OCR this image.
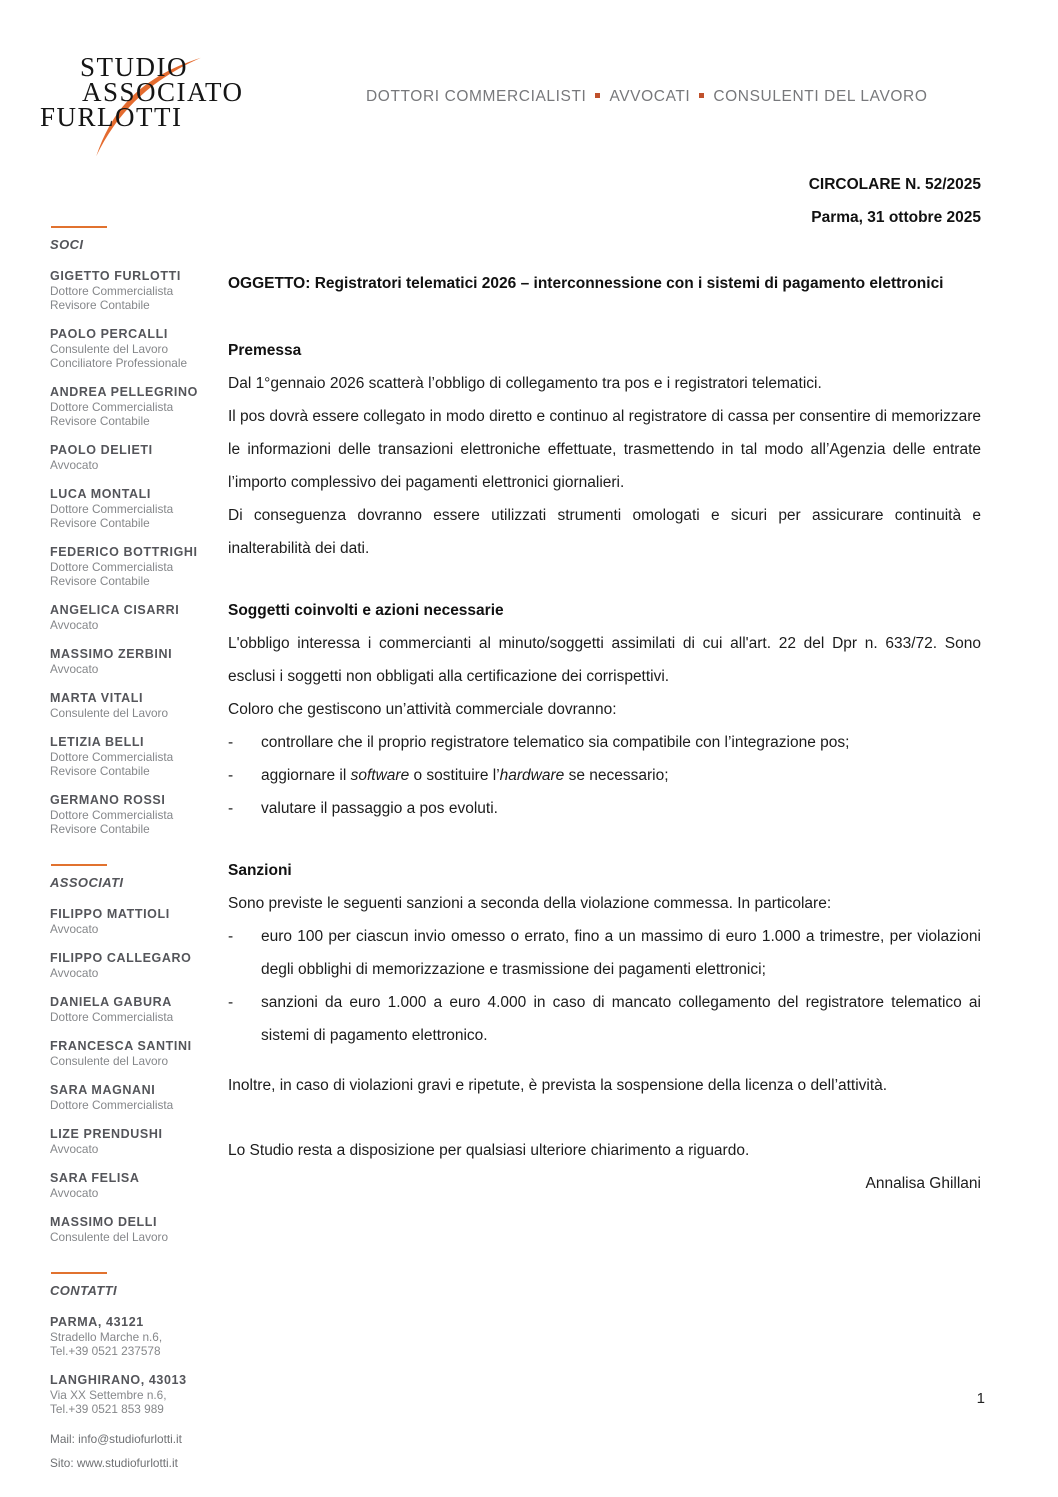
STUDIO
ASSOCIATO
FURLOTTI
DOTTORI COMMERCIALISTI AVVOCATI CONSULENTI DEL LAVORO
CIRCOLARE N. 52/2025
Parma, 31 ottobre 2025
SOCI
GIGETTO FURLOTTI
Dottore Commercialista
Revisore Contabile
PAOLO PERCALLI
Consulente del Lavoro
Conciliatore Professionale
ANDREA PELLEGRINO
Dottore Commercialista
Revisore Contabile
PAOLO DELIETI
Avvocato
LUCA MONTALI
Dottore Commercialista
Revisore Contabile
FEDERICO BOTTRIGHI
Dottore Commercialista
Revisore Contabile
ANGELICA CISARRI
Avvocato
MASSIMO ZERBINI
Avvocato
MARTA VITALI
Consulente del Lavoro
LETIZIA BELLI
Dottore Commercialista
Revisore Contabile
GERMANO ROSSI
Dottore Commercialista
Revisore Contabile
ASSOCIATI
FILIPPO MATTIOLI
Avvocato
FILIPPO CALLEGARO
Avvocato
DANIELA GABURA
Dottore Commercialista
FRANCESCA SANTINI
Consulente del Lavoro
SARA MAGNANI
Dottore Commercialista
LIZE PRENDUSHI
Avvocato
SARA FELISA
Avvocato
MASSIMO DELLI
Consulente del Lavoro
CONTATTI
PARMA, 43121
Stradello Marche n.6,
Tel.+39 0521 237578
LANGHIRANO, 43013
Via XX Settembre n.6,
Tel.+39 0521 853 989
Mail: info@studiofurlotti.it
Sito: www.studiofurlotti.it
OGGETTO: Registratori telematici 2026 – interconnessione con i sistemi di pagamento elettronici
Premessa
Dal 1°gennaio 2026 scatterà l’obbligo di collegamento tra pos e i registratori telematici.
Il pos dovrà essere collegato in modo diretto e continuo al registratore di cassa per consentire di memorizzare le informazioni delle transazioni elettroniche effettuate, trasmettendo in tal modo all’Agenzia delle entrate l’importo complessivo dei pagamenti elettronici giornalieri.
Di conseguenza dovranno essere utilizzati strumenti omologati e sicuri per assicurare continuità e inalterabilità dei dati.
Soggetti coinvolti e azioni necessarie
L'obbligo interessa i commercianti al minuto/soggetti assimilati di cui all'art. 22 del Dpr n. 633/72. Sono esclusi i soggetti non obbligati alla certificazione dei corrispettivi.
Coloro che gestiscono un’attività commerciale dovranno:
-	controllare che il proprio registratore telematico sia compatibile con l’integrazione pos;
-	aggiornare il software o sostituire l’hardware se necessario;
-	valutare il passaggio a pos evoluti.
Sanzioni
Sono previste le seguenti sanzioni a seconda della violazione commessa. In particolare:
-	euro 100 per ciascun invio omesso o errato, fino a un massimo di euro 1.000 a trimestre, per violazioni degli obblighi di memorizzazione e trasmissione dei pagamenti elettronici;
-	sanzioni da euro 1.000 a euro 4.000 in caso di mancato collegamento del registratore telematico ai sistemi di pagamento elettronico.
Inoltre, in caso di violazioni gravi e ripetute, è prevista la sospensione della licenza o dell’attività.
Lo Studio resta a disposizione per qualsiasi ulteriore chiarimento a riguardo.
Annalisa Ghillani
1
